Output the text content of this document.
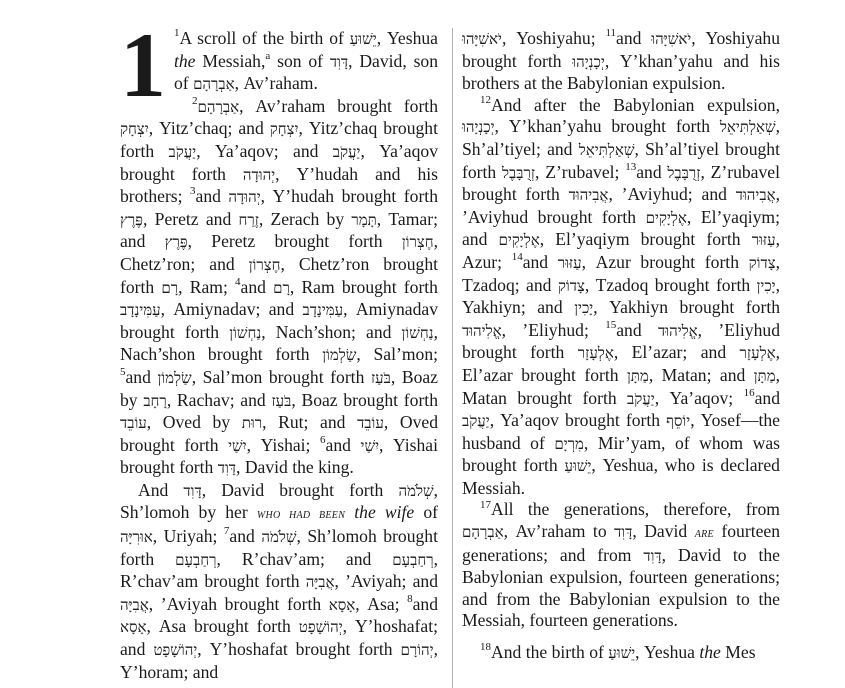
1 $^1$A scroll of the birth of יֵשׁוּעַ, Yeshua the Messiah,$^a$ son of דָּוִד, David, son of אַבְרָהָם, Av’raham.

$^2$אַבְרָהָם, Av’raham brought forth יִצְחָק, Yitz’chaq; and יִצְחָק, Yitz’chaq brought forth יַעֲקֹב, Ya’aqov; and יַעֲקֹב, Ya’aqov brought forth יְהוּדָה, Y’hudah and his brothers; $^3$and יְהוּדָה, Y’hudah brought forth פֶּרֶץ, Peretz and זֶרַח, Zerach by תָּמָר, Tamar; and פֶּרֶץ, Peretz brought forth חֶצְרוֹן, Chetz’ron; and חֶצְרוֹן, Chetz’ron brought forth רָם, Ram; $^4$and רָם, Ram brought forth עַמִּינָדָב, Amiynadav; and עַמִּינָדָב, Amiynadav brought forth נַחְשׁוֹן, Nach’shon; and נַחְשׁוֹן, Nach’shon brought forth שַׂלְמוֹן, Sal’mon; $^5$and שַׂלְמוֹן, Sal’mon brought forth בֹּעַז, Boaz by רָחָב, Rachav; and בֹּעַז, Boaz brought forth עוֹבֵד, Oved by רוּת, Rut; and עוֹבֵד, Oved brought forth יִשַׁי, Yishai; $^6$and יִשַׁי, Yishai brought forth דָּוִד, David the king.

And דָּוִד, David brought forth שְׁלֹמֹה, Sh’lomoh by her who had been the wife of אוּרִיָּה, Uriyah; $^7$and שְׁלֹמֹה, Sh’lomoh brought forth רְחַבְעָם, R’chav’am; and רְחַבְעָם, R’chav’am brought forth אֲבִיָּה, ’Aviyah; and אֲבִיָּה, ’Aviyah brought forth אָסָא, Asa; $^8$and אָסָא, Asa brought forth יְהוֹשָׁפָט, Y’hoshafat; and יְהוֹשָׁפָט, Y’hoshafat brought forth יְהוֹרָם, Y’horam; and

יֹאשִׁיָּהוּ, Yoshiyahu; $^{11}$and יֹאשִׁיָּהוּ, Yoshiyahu brought forth יְכָנְיָהוּ, Y’khan’yahu and his brothers at the Babylonian expulsion.

$^{12}$And after the Babylonian expulsion, יְכָנְיָהוּ, Y’khan’yahu brought forth שְׁאַלְתִּיאֵל, Sh’al’tiyel; and שְׁאַלְתִּיאֵל, Sh’al’tiyel brought forth זְרֻבָּבֶל, Z’rubavel; $^{13}$and זְרֻבָּבֶל, Z’rubavel brought forth אֲבִיהוּד, ’Aviyhud; and אֲבִיהוּד, ’Aviyhud brought forth אֶלְיָקִים, El’yaqiym; and אֶלְיָקִים, El’yaqiym brought forth עַזּוּר, Azur; $^{14}$and עַזּוּר, Azur brought forth צָדוֹק, Tzadoq; and צָדוֹק, Tzadoq brought forth יָכִין, Yakhiyn; and יָכִין, Yakhiyn brought forth אֱלִיהוּד, ’Eliyhud; $^{15}$and אֱלִיהוּד, ’Eliyhud brought forth אֶלְעָזָר, El’azar; and אֶלְעָזָר, El’azar brought forth מַתָּן, Matan; and מַתָּן, Matan brought forth יַעֲקֹב, Ya’aqov; $^{16}$and יַעֲקֹב, Ya’aqov brought forth יוֹסֵף, Yosef—the husband of מִרְיָם, Mir’yam, of whom was brought forth יֵשׁוּעַ, Yeshua, who is declared Messiah.

$^{17}$All the generations, therefore, from אַבְרָהָם, Av’raham to דָּוִד, David are fourteen generations; and from דָּוִד, David to the Babylonian expulsion, fourteen generations; and from the Babylonian expulsion to the Messiah, fourteen generations.

$^{18}$And the birth of יֵשׁוּעַ, Yeshua the Mes
